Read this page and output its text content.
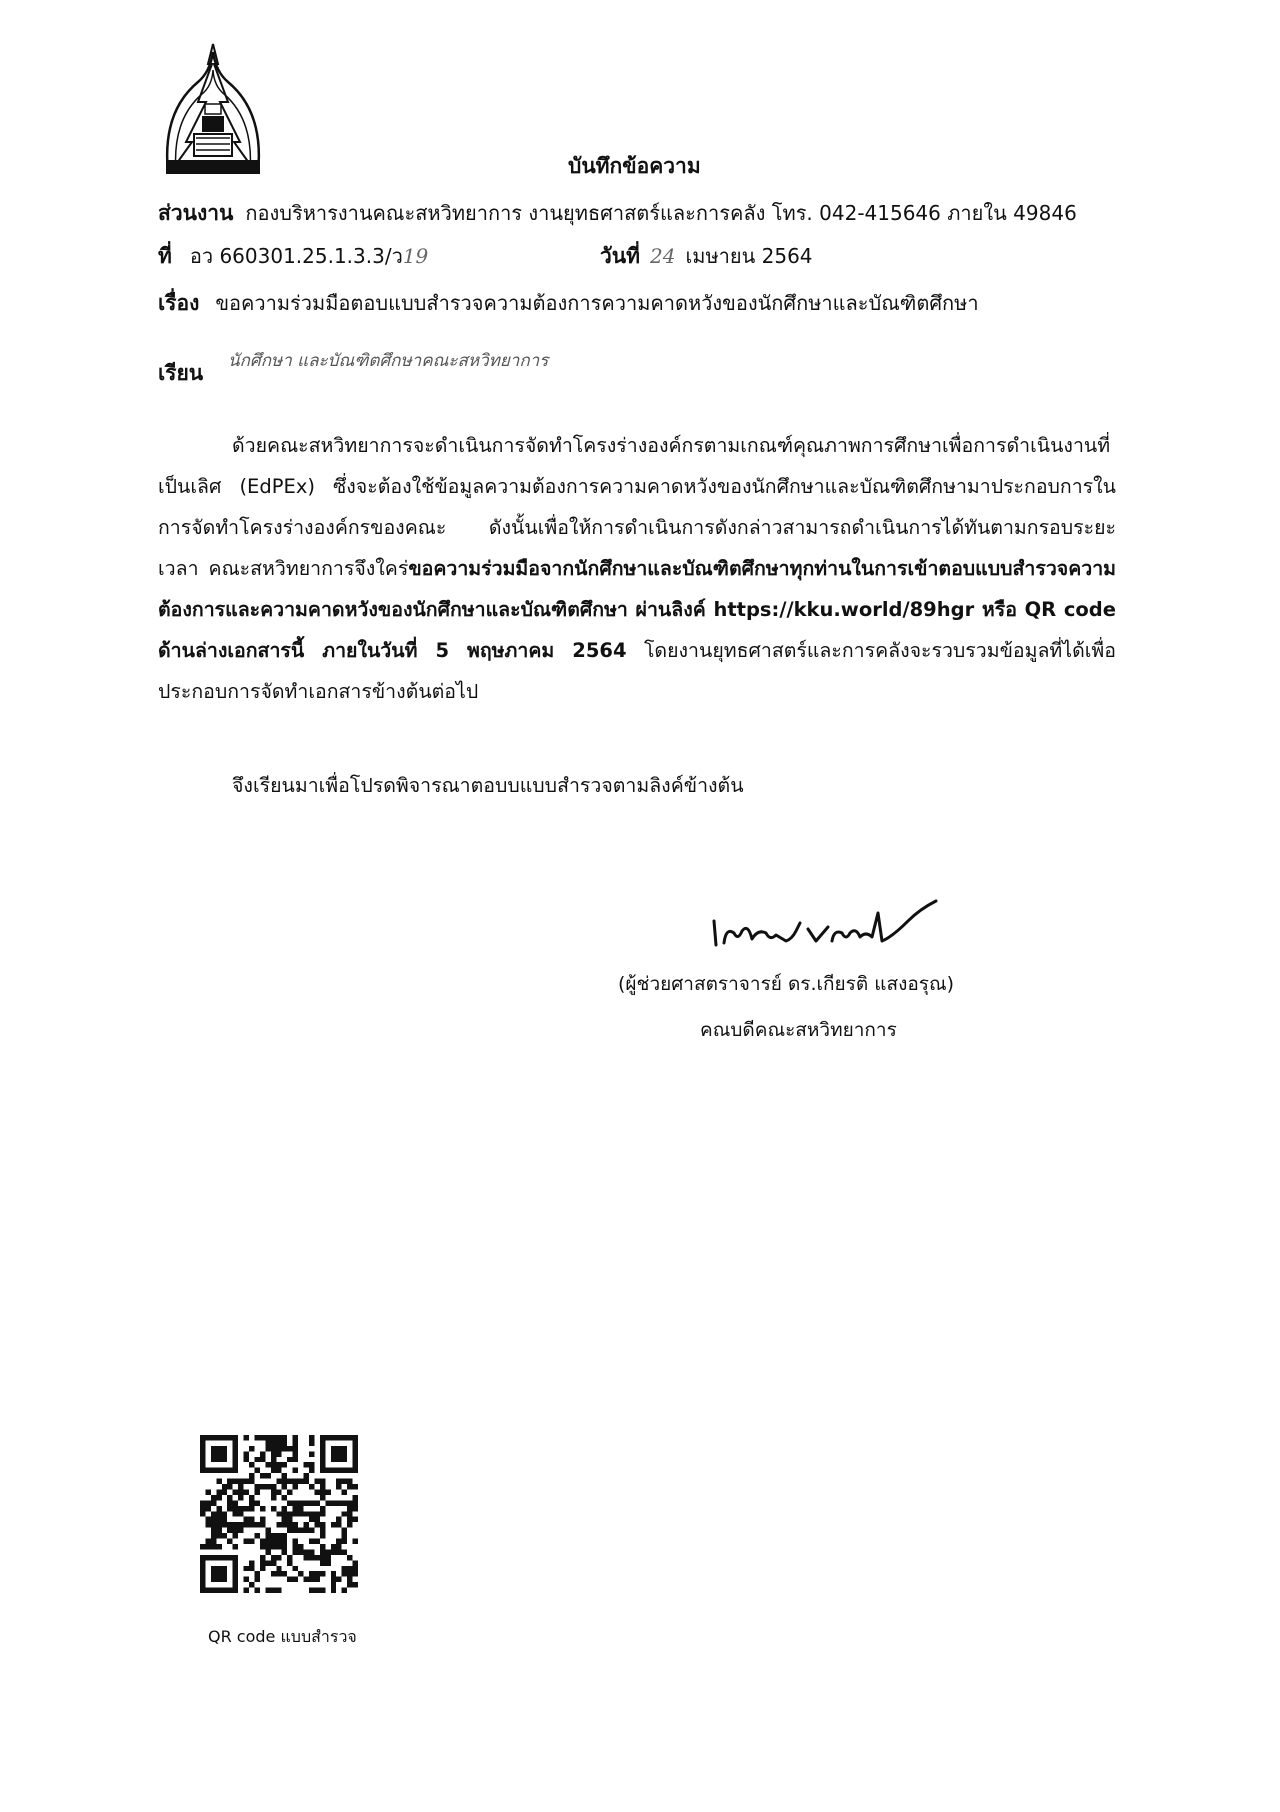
บันทึกข้อความ
ส่วนงาน กองบริหารงานคณะสหวิทยาการ งานยุทธศาสตร์และการคลัง โทร. 042-415646 ภายใน 49846
ที่ อว 660301.25.1.3.3/ว19	วันที่ 24 เมษายน 2564
เรื่อง ขอความร่วมมือตอบแบบสำรวจความต้องการความคาดหวังของนักศึกษาและบัณฑิตศึกษา
เรียน นักศึกษา และบัณฑิตศึกษาคณะสหวิทยาการ
ด้วยคณะสหวิทยาการจะดำเนินการจัดทำโครงร่างองค์กรตามเกณฑ์คุณภาพการศึกษาเพื่อการดำเนินงานที่เป็นเลิศ (EdPEx) ซึ่งจะต้องใช้ข้อมูลความต้องการความคาดหวังของนักศึกษาและบัณฑิตศึกษามาประกอบการในการจัดทำโครงร่างองค์กรของคณะ ดังนั้นเพื่อให้การดำเนินการดังกล่าวสามารถดำเนินการได้ทันตามกรอบระยะเวลา คณะสหวิทยาการจึงใคร่ขอความร่วมมือจากนักศึกษาและบัณฑิตศึกษาทุกท่านในการเข้าตอบแบบสำรวจความต้องการและความคาดหวังของนักศึกษาและบัณฑิตศึกษา ผ่านลิงค์ https://kku.world/89hgr หรือ QR code ด้านล่างเอกสารนี้ ภายในวันที่ 5 พฤษภาคม 2564 โดยงานยุทธศาสตร์และการคลังจะรวบรวมข้อมูลที่ได้เพื่อประกอบการจัดทำเอกสารข้างต้นต่อไป
จึงเรียนมาเพื่อโปรดพิจารณาตอบบแบบสำรวจตามลิงค์ข้างต้น
(ผู้ช่วยศาสตราจารย์ ดร.เกียรติ แสงอรุณ)
คณบดีคณะสหวิทยาการ
QR code แบบสำรวจ
